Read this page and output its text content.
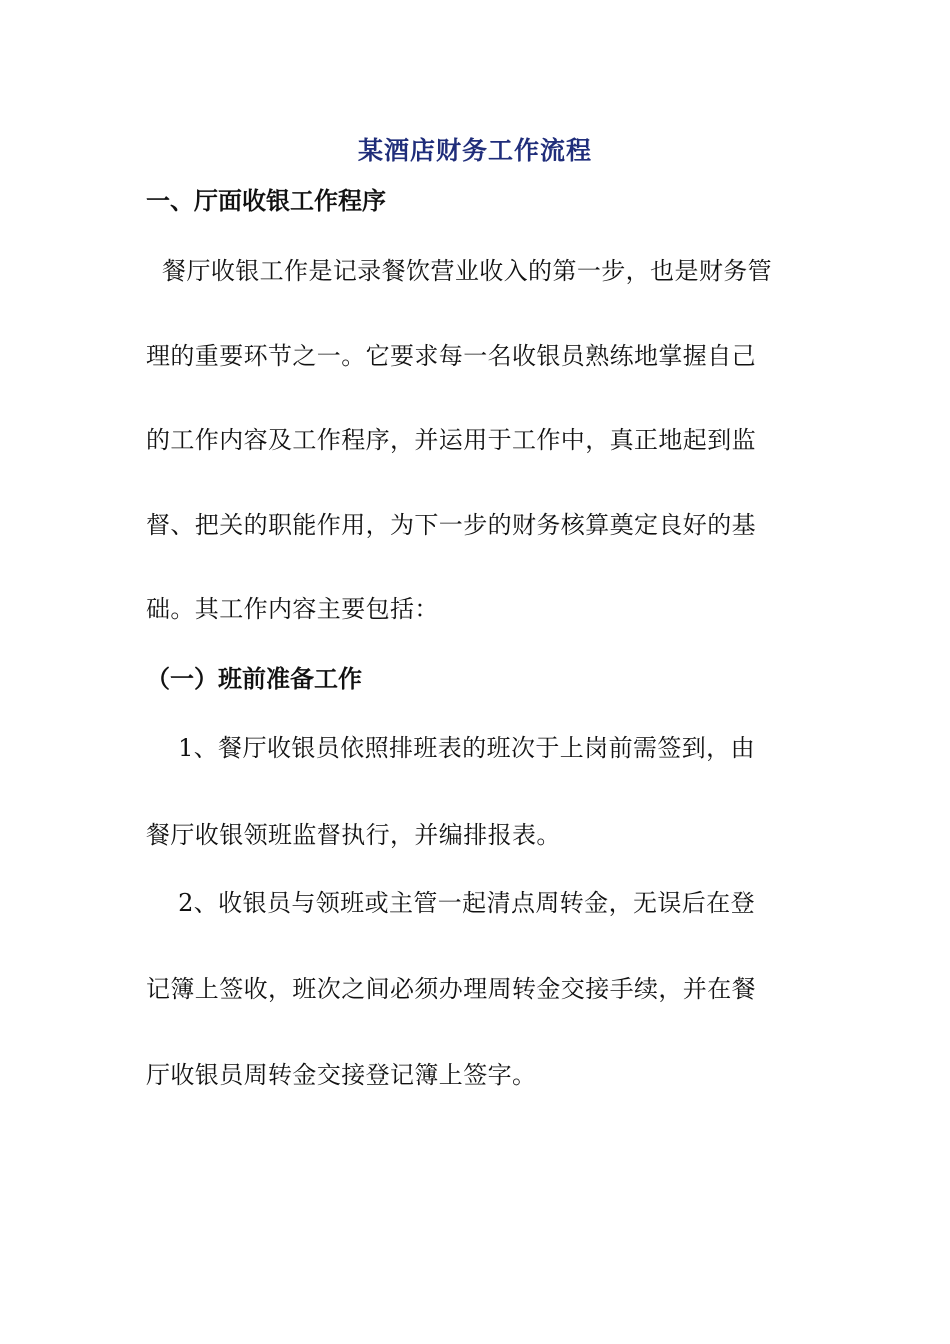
某酒店财务工作流程
一、厅面收银工作程序
餐厅收银工作是记录餐饮营业收入的第一步，也是财务管
理的重要环节之一。它要求每一名收银员熟练地掌握自己
的工作内容及工作程序，并运用于工作中，真正地起到监
督、把关的职能作用，为下一步的财务核算奠定良好的基
础。其工作内容主要包括：
（一）班前准备工作
1、餐厅收银员依照排班表的班次于上岗前需签到，由
餐厅收银领班监督执行，并编排报表。
2、收银员与领班或主管一起清点周转金，无误后在登
记簿上签收，班次之间必须办理周转金交接手续，并在餐
厅收银员周转金交接登记簿上签字。
